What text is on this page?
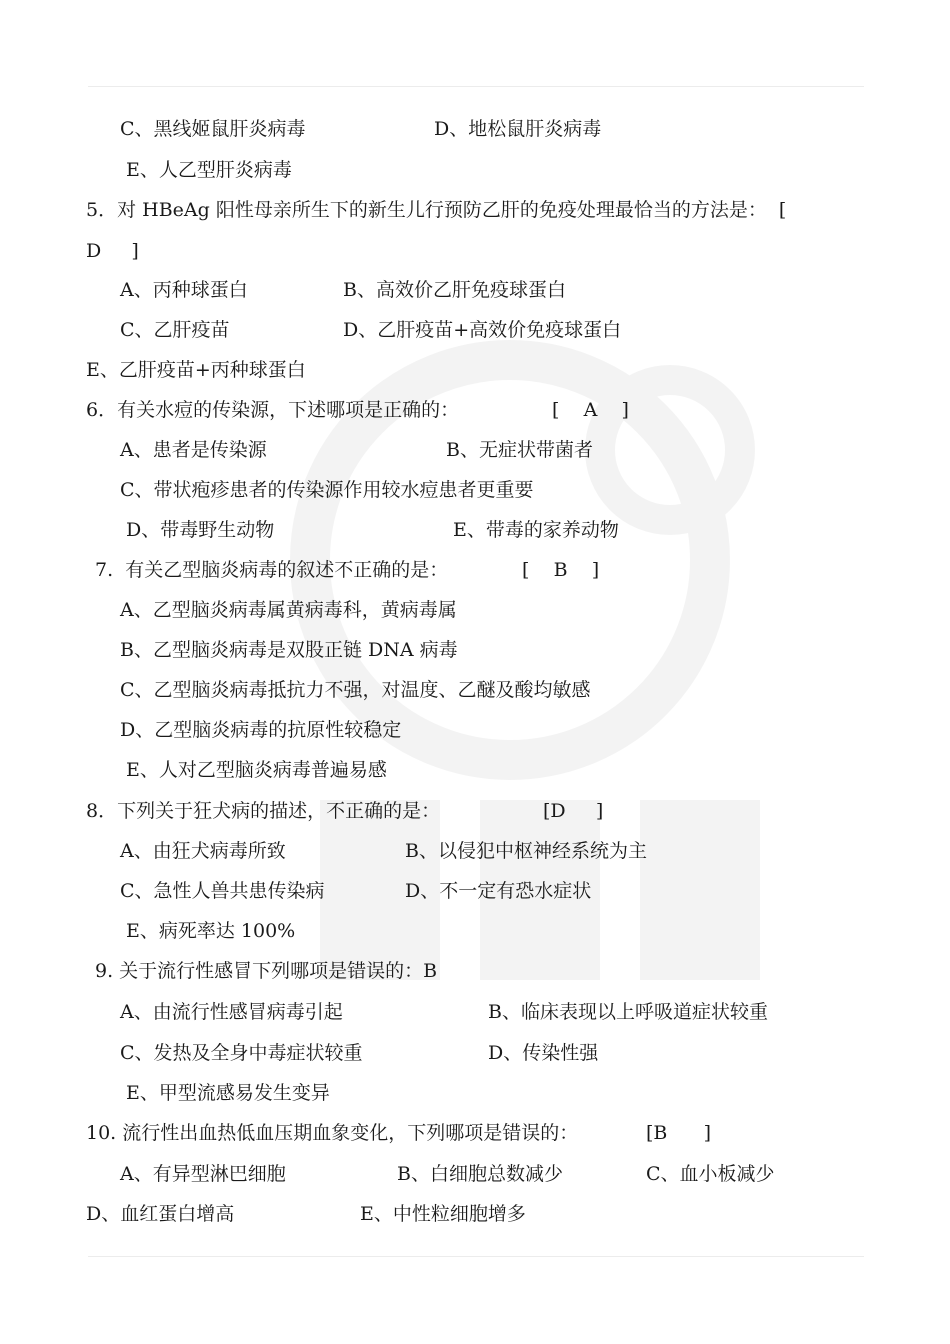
C、黑线姬鼠肝炎病毒	D、地松鼠肝炎病毒
E、人乙型肝炎病毒
5．对 HBeAg 阳性母亲所生下的新生儿行预防乙肝的免疫处理最恰当的方法是：  [
D     ]
A、丙种球蛋白	B、高效价乙肝免疫球蛋白
C、乙肝疫苗	D、乙肝疫苗+高效价免疫球蛋白
E、乙肝疫苗+丙种球蛋白
6．有关水痘的传染源，下述哪项是正确的：	[    A    ]
A、患者是传染源	B、无症状带菌者
C、带状疱疹患者的传染源作用较水痘患者更重要
D、带毒野生动物	E、带毒的家养动物
7.  有关乙型脑炎病毒的叙述不正确的是：	[    B    ]
A、乙型脑炎病毒属黄病毒科，黄病毒属
B、乙型脑炎病毒是双股正链 DNA 病毒
C、乙型脑炎病毒抵抗力不强，对温度、乙醚及酸均敏感
D、乙型脑炎病毒的抗原性较稳定
E、人对乙型脑炎病毒普遍易感
8．下列关于狂犬病的描述，不正确的是：	[D     ]
A、由狂犬病毒所致	B、以侵犯中枢神经系统为主
C、急性人兽共患传染病	D、不一定有恐水症状
E、病死率达 100%
9. 关于流行性感冒下列哪项是错误的：B
A、由流行性感冒病毒引起	B、临床表现以上呼吸道症状较重
C、发热及全身中毒症状较重	D、传染性强
E、甲型流感易发生变异
10. 流行性出血热低血压期血象变化，下列哪项是错误的：	[B      ]
A、有异型淋巴细胞	B、白细胞总数减少	C、血小板减少
D、血红蛋白增高	E、中性粒细胞增多
